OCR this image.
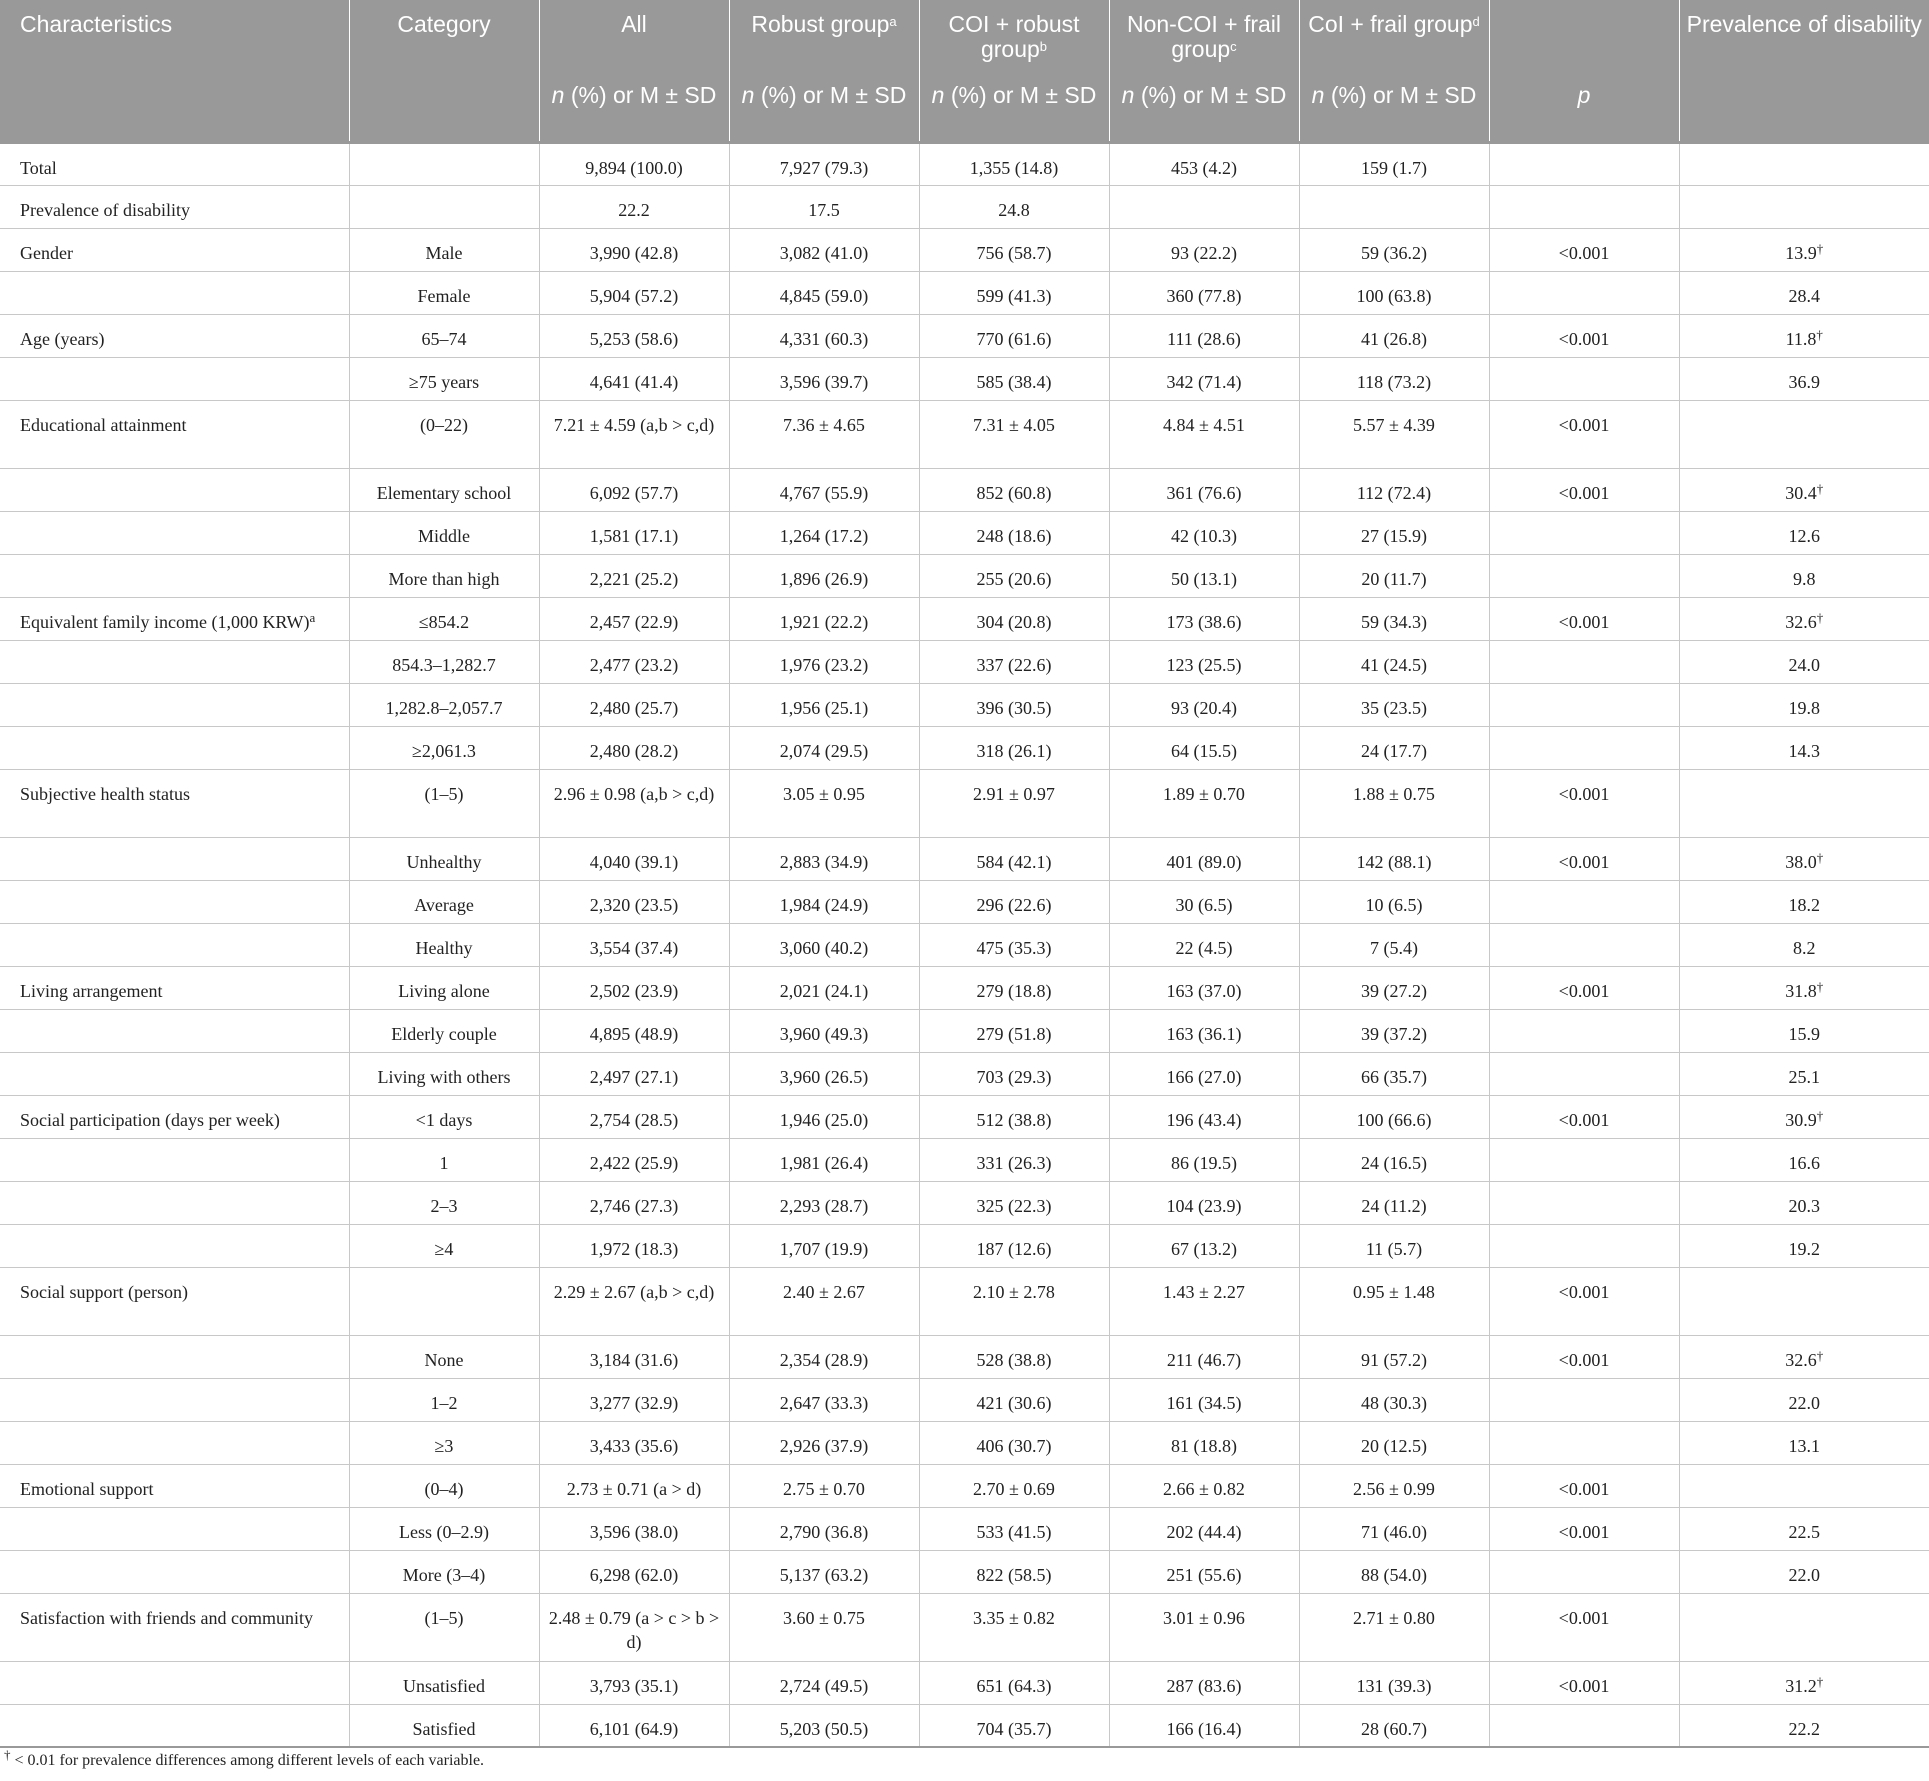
Characteristics	Category	All	Robust group$^a$	COI + robust group$^b$	Non-COI + frail group$^c$	CoI + frail group$^d$		Prevalence of disability
		n (%) or M ± SD	n (%) or M ± SD	n (%) or M ± SD	n (%) or M ± SD	n (%) or M ± SD	p	
Total		9,894 (100.0)	7,927 (79.3)	1,355 (14.8)	453 (4.2)	159 (1.7)		
Prevalence of disability		22.2	17.5	24.8				
Gender	Male	3,990 (42.8)	3,082 (41.0)	756 (58.7)	93 (22.2)	59 (36.2)	<0.001	13.9†
	Female	5,904 (57.2)	4,845 (59.0)	599 (41.3)	360 (77.8)	100 (63.8)		28.4
Age (years)	65–74	5,253 (58.6)	4,331 (60.3)	770 (61.6)	111 (28.6)	41 (26.8)	<0.001	11.8†
	≥75 years	4,641 (41.4)	3,596 (39.7)	585 (38.4)	342 (71.4)	118 (73.2)		36.9
Educational attainment	(0–22)	7.21 ± 4.59 (a,b > c,d)	7.36 ± 4.65	7.31 ± 4.05	4.84 ± 4.51	5.57 ± 4.39	<0.001	
	Elementary school	6,092 (57.7)	4,767 (55.9)	852 (60.8)	361 (76.6)	112 (72.4)	<0.001	30.4†
	Middle	1,581 (17.1)	1,264 (17.2)	248 (18.6)	42 (10.3)	27 (15.9)		12.6
	More than high	2,221 (25.2)	1,896 (26.9)	255 (20.6)	50 (13.1)	20 (11.7)		9.8
Equivalent family income (1,000 KRW)$^a$	≤854.2	2,457 (22.9)	1,921 (22.2)	304 (20.8)	173 (38.6)	59 (34.3)	<0.001	32.6†
	854.3–1,282.7	2,477 (23.2)	1,976 (23.2)	337 (22.6)	123 (25.5)	41 (24.5)		24.0
	1,282.8–2,057.7	2,480 (25.7)	1,956 (25.1)	396 (30.5)	93 (20.4)	35 (23.5)		19.8
	≥2,061.3	2,480 (28.2)	2,074 (29.5)	318 (26.1)	64 (15.5)	24 (17.7)		14.3
Subjective health status	(1–5)	2.96 ± 0.98 (a,b > c,d)	3.05 ± 0.95	2.91 ± 0.97	1.89 ± 0.70	1.88 ± 0.75	<0.001	
	Unhealthy	4,040 (39.1)	2,883 (34.9)	584 (42.1)	401 (89.0)	142 (88.1)	<0.001	38.0†
	Average	2,320 (23.5)	1,984 (24.9)	296 (22.6)	30 (6.5)	10 (6.5)		18.2
	Healthy	3,554 (37.4)	3,060 (40.2)	475 (35.3)	22 (4.5)	7 (5.4)		8.2
Living arrangement	Living alone	2,502 (23.9)	2,021 (24.1)	279 (18.8)	163 (37.0)	39 (27.2)	<0.001	31.8†
	Elderly couple	4,895 (48.9)	3,960 (49.3)	279 (51.8)	163 (36.1)	39 (37.2)		15.9
	Living with others	2,497 (27.1)	3,960 (26.5)	703 (29.3)	166 (27.0)	66 (35.7)		25.1
Social participation (days per week)	<1 days	2,754 (28.5)	1,946 (25.0)	512 (38.8)	196 (43.4)	100 (66.6)	<0.001	30.9†
	1	2,422 (25.9)	1,981 (26.4)	331 (26.3)	86 (19.5)	24 (16.5)		16.6
	2–3	2,746 (27.3)	2,293 (28.7)	325 (22.3)	104 (23.9)	24 (11.2)		20.3
	≥4	1,972 (18.3)	1,707 (19.9)	187 (12.6)	67 (13.2)	11 (5.7)		19.2
Social support (person)		2.29 ± 2.67 (a,b > c,d)	2.40 ± 2.67	2.10 ± 2.78	1.43 ± 2.27	0.95 ± 1.48	<0.001	
	None	3,184 (31.6)	2,354 (28.9)	528 (38.8)	211 (46.7)	91 (57.2)	<0.001	32.6†
	1–2	3,277 (32.9)	2,647 (33.3)	421 (30.6)	161 (34.5)	48 (30.3)		22.0
	≥3	3,433 (35.6)	2,926 (37.9)	406 (30.7)	81 (18.8)	20 (12.5)		13.1
Emotional support	(0–4)	2.73 ± 0.71 (a > d)	2.75 ± 0.70	2.70 ± 0.69	2.66 ± 0.82	2.56 ± 0.99	<0.001	
	Less (0–2.9)	3,596 (38.0)	2,790 (36.8)	533 (41.5)	202 (44.4)	71 (46.0)	<0.001	22.5
	More (3–4)	6,298 (62.0)	5,137 (63.2)	822 (58.5)	251 (55.6)	88 (54.0)		22.0
Satisfaction with friends and community	(1–5)	2.48 ± 0.79 (a > c > b > d)	3.60 ± 0.75	3.35 ± 0.82	3.01 ± 0.96	2.71 ± 0.80	<0.001	
	Unsatisfied	3,793 (35.1)	2,724 (49.5)	651 (64.3)	287 (83.6)	131 (39.3)	<0.001	31.2†
	Satisfied	6,101 (64.9)	5,203 (50.5)	704 (35.7)	166 (16.4)	28 (60.7)		22.2
† < 0.01 for prevalence differences among different levels of each variable.
